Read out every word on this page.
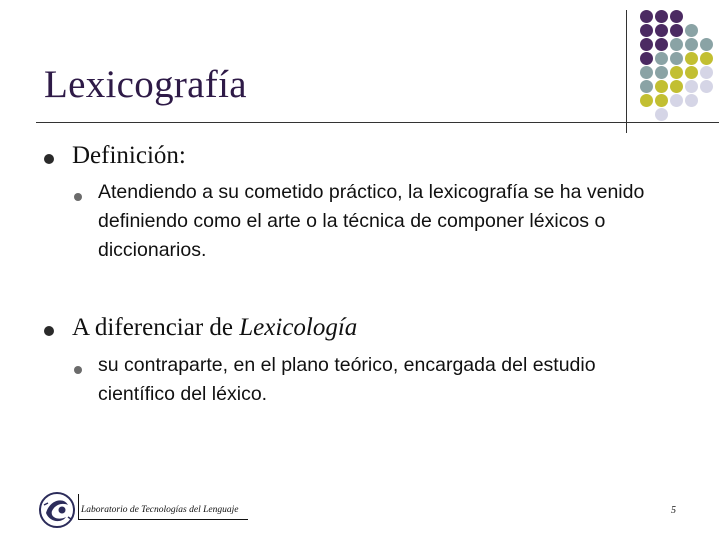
Lexicografía
Definición:
Atendiendo a su cometido práctico, la lexicografía se ha venido definiendo como el arte o la técnica de componer léxicos o diccionarios.
A diferenciar de Lexicología
su contraparte, en el plano teórico, encargada del estudio científico del léxico.
Laboratorio de Tecnologías del Lenguaje	5
